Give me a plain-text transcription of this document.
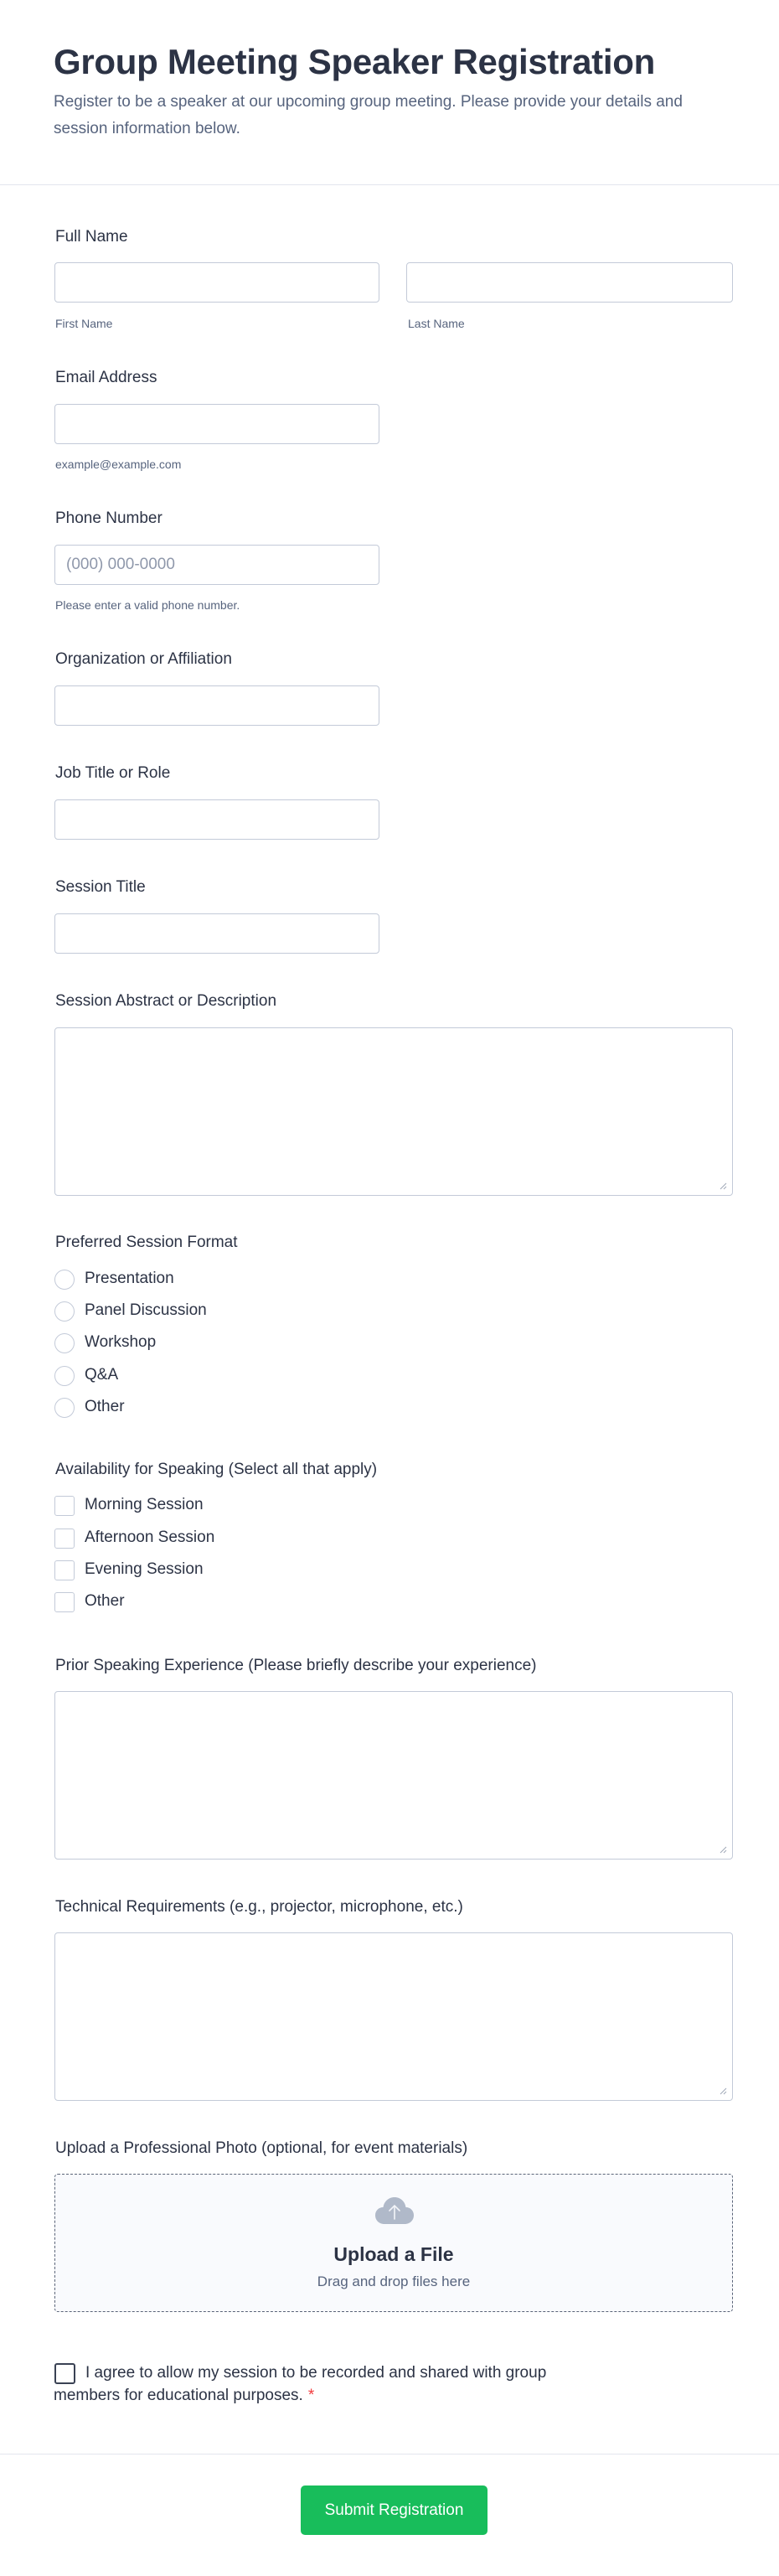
Group Meeting Speaker Registration
Register to be a speaker at our upcoming group meeting. Please provide your details and session information below.
Full Name
First Name	Last Name
Email Address
example@example.com
Phone Number
(000) 000-0000
Please enter a valid phone number.
Organization or Affiliation
Job Title or Role
Session Title
Session Abstract or Description
Preferred Session Format
Presentation
Panel Discussion
Workshop
Q&A
Other
Availability for Speaking (Select all that apply)
Morning Session
Afternoon Session
Evening Session
Other
Prior Speaking Experience (Please briefly describe your experience)
Technical Requirements (e.g., projector, microphone, etc.)
Upload a Professional Photo (optional, for event materials)
Upload a File
Drag and drop files here
I agree to allow my session to be recorded and shared with group
members for educational purposes. *
Submit Registration
